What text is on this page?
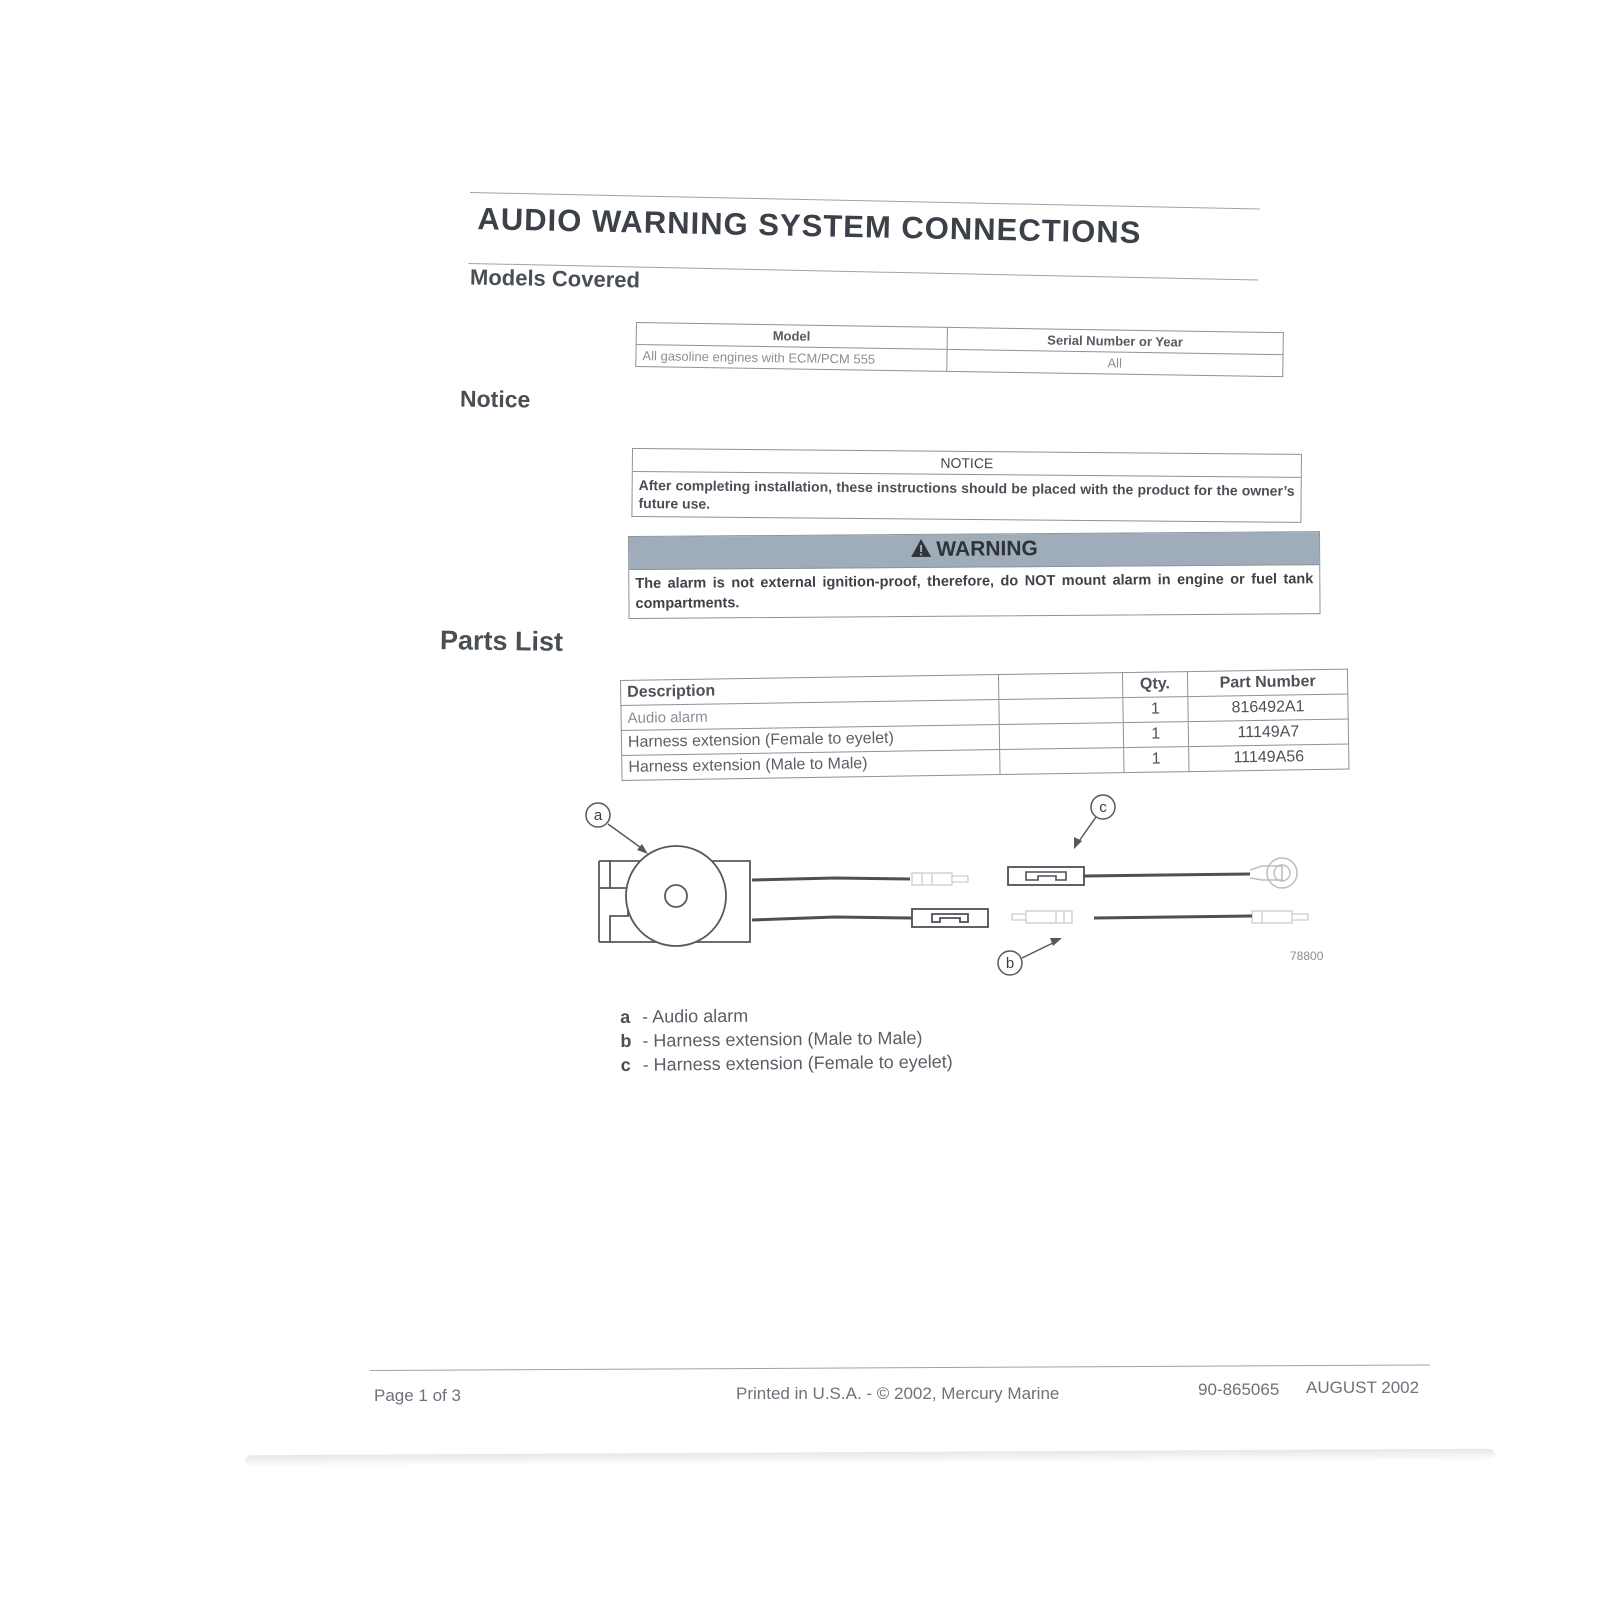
AUDIO WARNING SYSTEM CONNECTIONS
Models Covered
Model	Serial Number or Year
All gasoline engines with ECM/PCM 555	All
Notice
NOTICE
After completing installation, these instructions should be placed with the product for the owner’s future use.
WARNING
The alarm is not external ignition-proof, therefore, do NOT mount alarm in engine or fuel tank compartments.
Parts List
Description		Qty.	Part Number
Audio alarm		1	816492A1
Harness extension (Female to eyelet)		1	11149A7
Harness extension (Male to Male)		1	11149A56
a	c
b	78800
a - Audio alarm
b - Harness extension (Male to Male)
c - Harness extension (Female to eyelet)
Page 1 of 3	Printed in U.S.A. - © 2002, Mercury Marine	90-865065 AUGUST 2002
